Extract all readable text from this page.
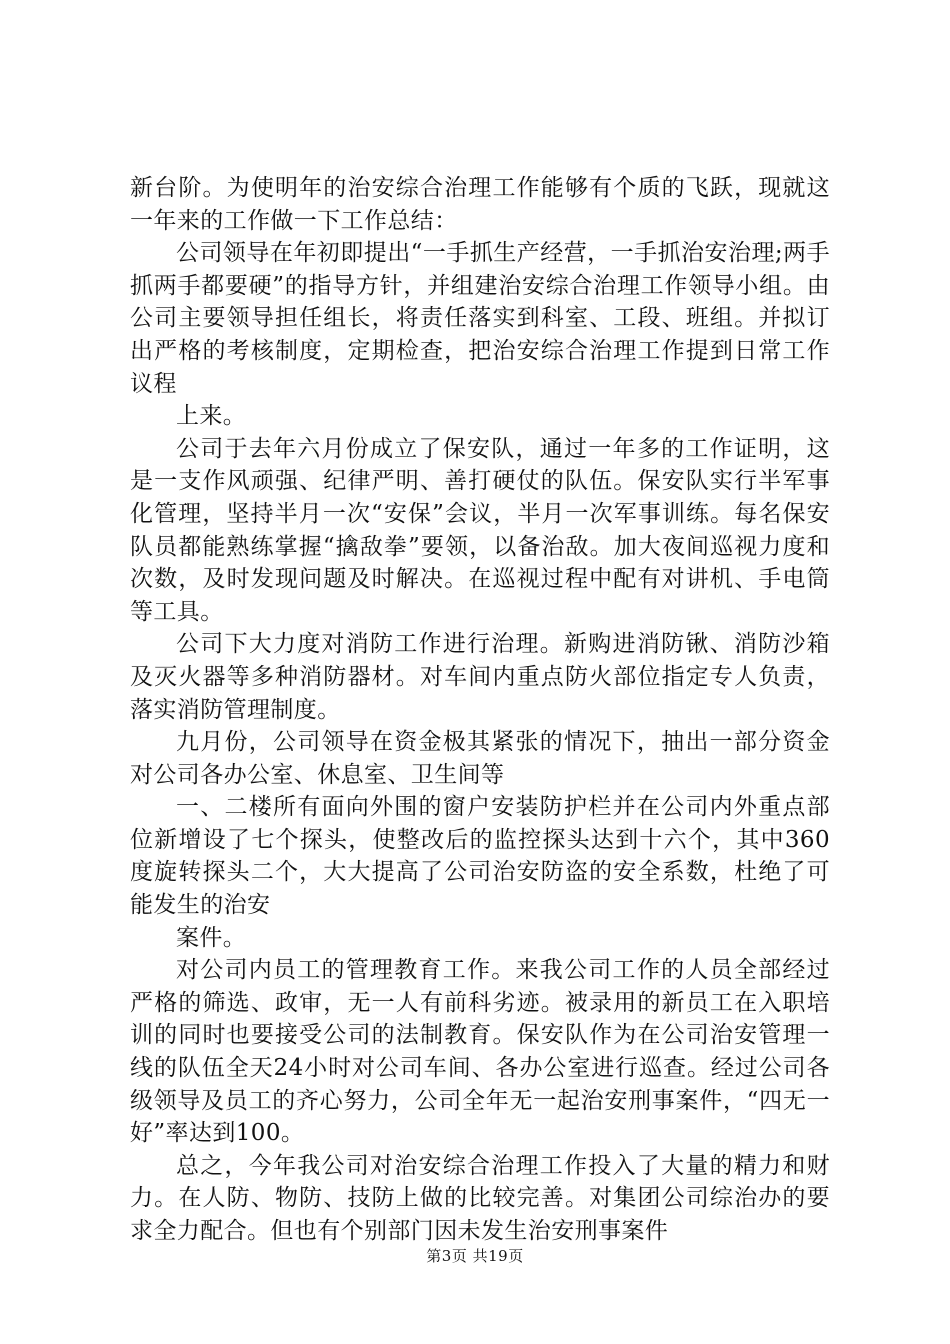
新台阶。为使明年的治安综合治理工作能够有个质的飞跃，现就这一年来的工作做一下工作总结：

公司领导在年初即提出“一手抓生产经营，一手抓治安治理;两手抓两手都要硬”的指导方针，并组建治安综合治理工作领导小组。由公司主要领导担任组长，将责任落实到科室、工段、班组。并拟订出严格的考核制度，定期检查，把治安综合治理工作提到日常工作议程

上来。

公司于去年六月份成立了保安队，通过一年多的工作证明，这是一支作风顽强、纪律严明、善打硬仗的队伍。保安队实行半军事化管理，坚持半月一次“安保”会议，半月一次军事训练。每名保安队员都能熟练掌握“擒敌拳”要领，以备治敌。加大夜间巡视力度和次数，及时发现问题及时解决。在巡视过程中配有对讲机、手电筒等工具。

公司下大力度对消防工作进行治理。新购进消防锹、消防沙箱及灭火器等多种消防器材。对车间内重点防火部位指定专人负责，落实消防管理制度。

九月份，公司领导在资金极其紧张的情况下，抽出一部分资金对公司各办公室、休息室、卫生间等

一、二楼所有面向外围的窗户安装防护栏并在公司内外重点部位新增设了七个探头，使整改后的监控探头达到十六个，其中360度旋转探头二个，大大提高了公司治安防盗的安全系数，杜绝了可能发生的治安

案件。

对公司内员工的管理教育工作。来我公司工作的人员全部经过严格的筛选、政审，无一人有前科劣迹。被录用的新员工在入职培训的同时也要接受公司的法制教育。保安队作为在公司治安管理一线的队伍全天24小时对公司车间、各办公室进行巡查。经过公司各级领导及员工的齐心努力，公司全年无一起治安刑事案件，“四无一好”率达到100。

总之，今年我公司对治安综合治理工作投入了大量的精力和财力。在人防、物防、技防上做的比较完善。对集团公司综治办的要求全力配合。但也有个别部门因未发生治安刑事案件

第3页 共19页
